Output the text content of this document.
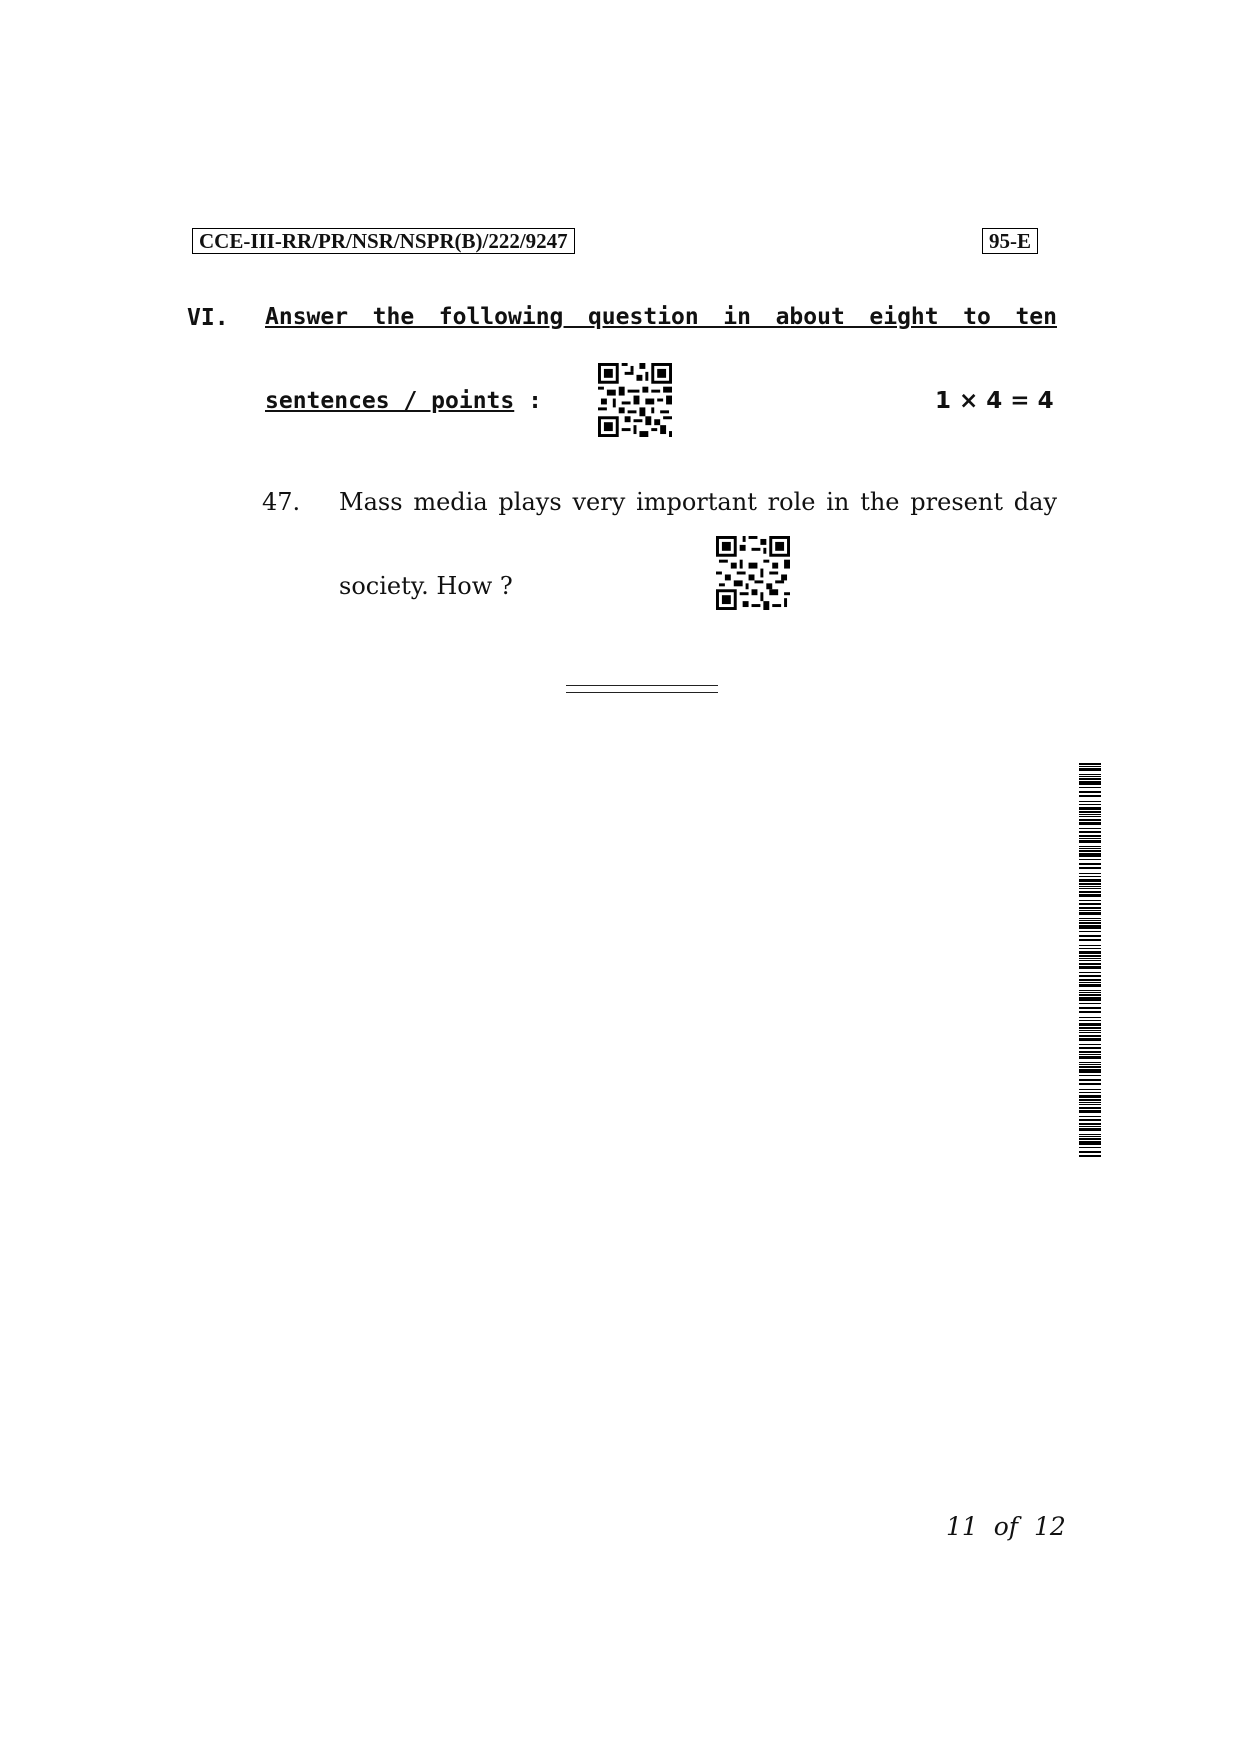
CCE-III-RR/PR/NSR/NSPR(B)/222/9247	95-E
VI. Answer the following question in about eight to ten
sentences / points :	1 × 4 = 4
47. Mass media plays very important role in the present day
society. How ?
11 of 12
